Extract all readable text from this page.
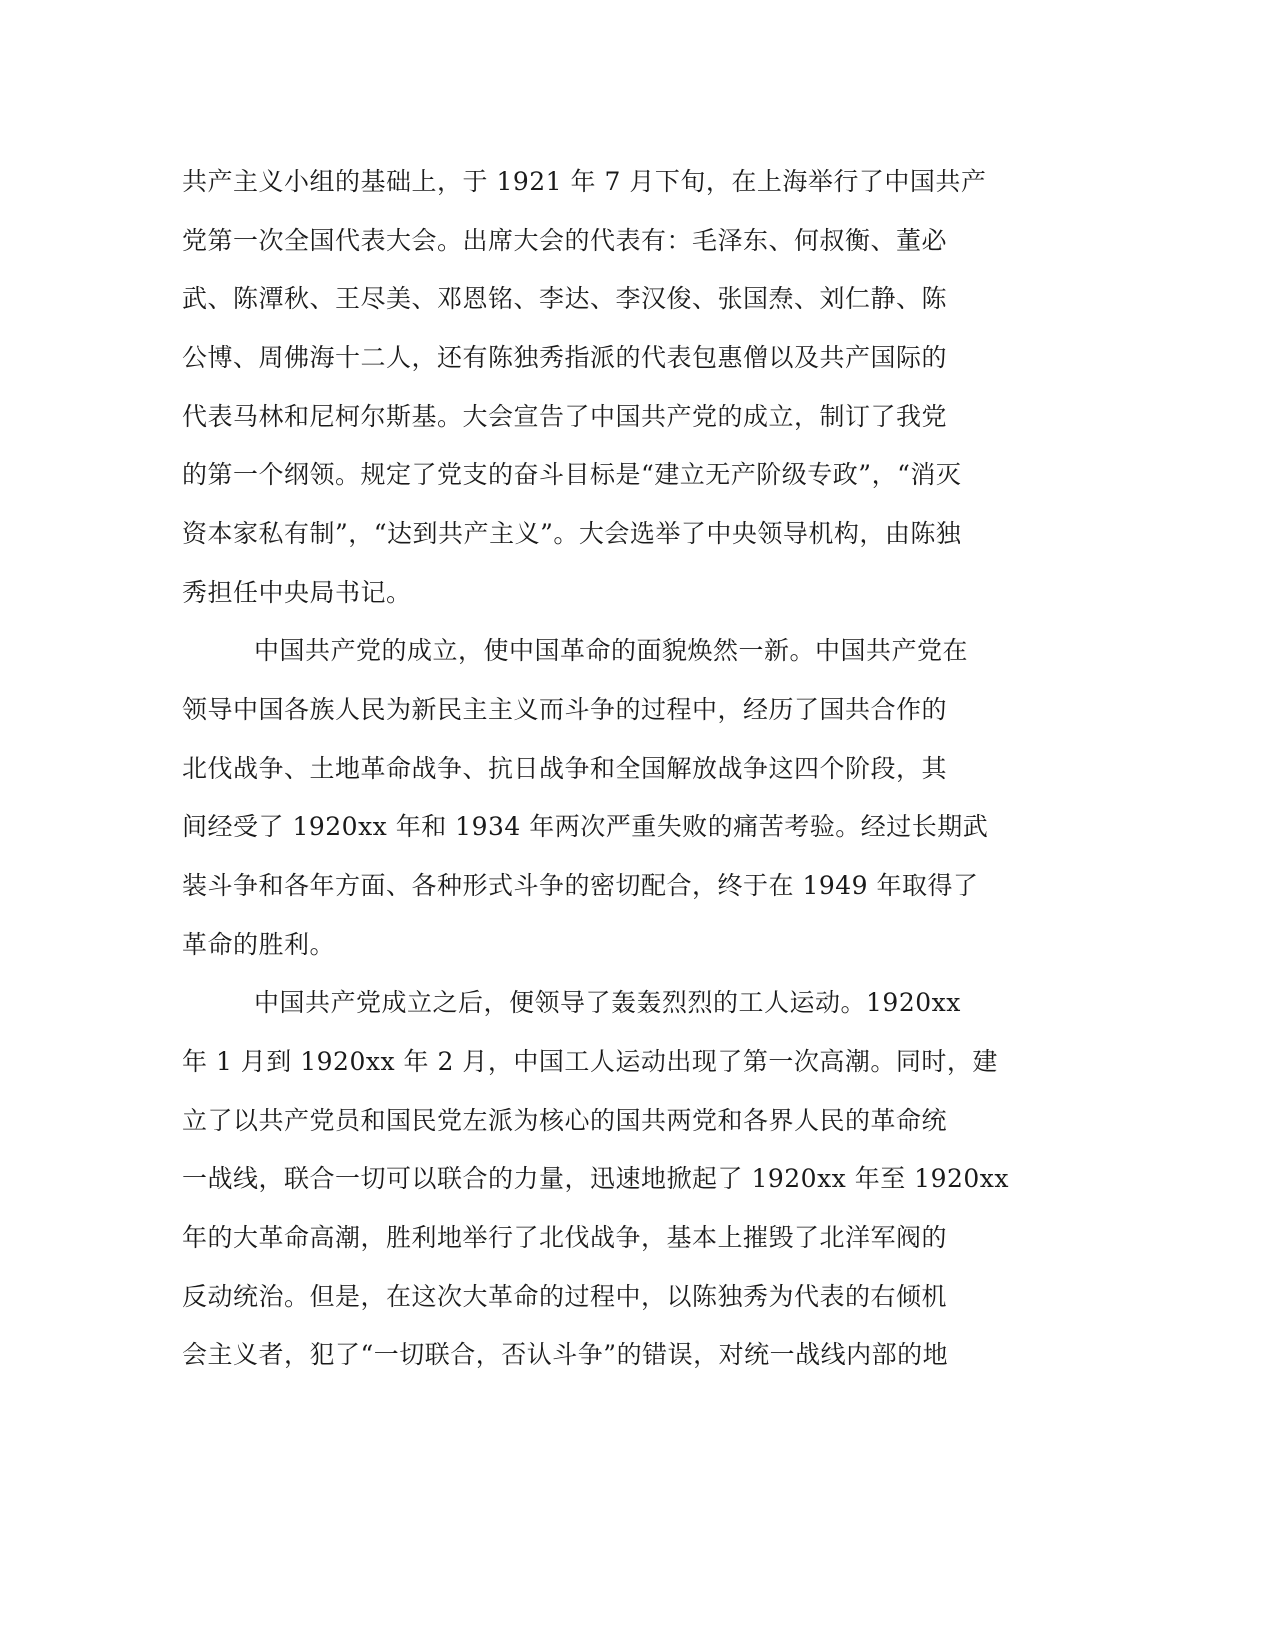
共产主义小组的基础上，于 1921 年 7 月下旬，在上海举行了中国共产
党第一次全国代表大会。出席大会的代表有：毛泽东、何叔衡、董必
武、陈潭秋、王尽美、邓恩铭、李达、李汉俊、张国焘、刘仁静、陈
公博、周佛海十二人，还有陈独秀指派的代表包惠僧以及共产国际的
代表马林和尼柯尔斯基。大会宣告了中国共产党的成立，制订了我党
的第一个纲领。规定了党支的奋斗目标是“建立无产阶级专政”，“消灭
资本家私有制”，“达到共产主义”。大会选举了中央领导机构，由陈独
秀担任中央局书记。
中国共产党的成立，使中国革命的面貌焕然一新。中国共产党在
领导中国各族人民为新民主主义而斗争的过程中，经历了国共合作的
北伐战争、土地革命战争、抗日战争和全国解放战争这四个阶段，其
间经受了 1920xx 年和 1934 年两次严重失败的痛苦考验。经过长期武
装斗争和各年方面、各种形式斗争的密切配合，终于在 1949 年取得了
革命的胜利。
中国共产党成立之后，便领导了轰轰烈烈的工人运动。1920xx
年 1 月到 1920xx 年 2 月，中国工人运动出现了第一次高潮。同时，建
立了以共产党员和国民党左派为核心的国共两党和各界人民的革命统
一战线，联合一切可以联合的力量，迅速地掀起了 1920xx 年至 1920xx
年的大革命高潮，胜利地举行了北伐战争，基本上摧毁了北洋军阀的
反动统治。但是，在这次大革命的过程中，以陈独秀为代表的右倾机
会主义者，犯了“一切联合，否认斗争”的错误，对统一战线内部的地
